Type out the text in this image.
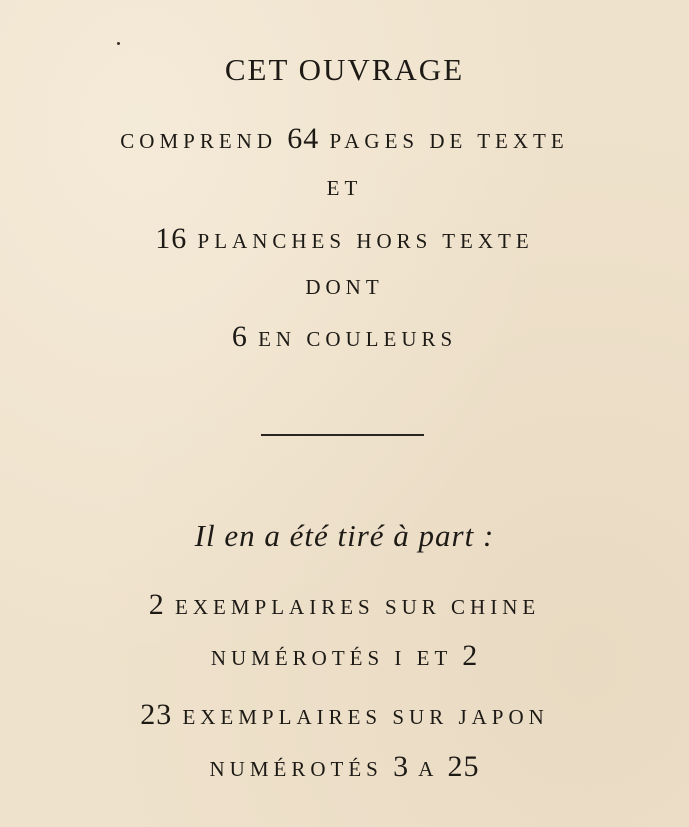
CET OUVRAGE
COMPREND 64 PAGES DE TEXTE
ET
16 PLANCHES HORS TEXTE
DONT
6 EN COULEURS
Il en a été tiré à part :
2 EXEMPLAIRES SUR CHINE
NUMÉROTÉS I ET 2
23 EXEMPLAIRES SUR JAPON
NUMÉROTÉS 3 A 25
